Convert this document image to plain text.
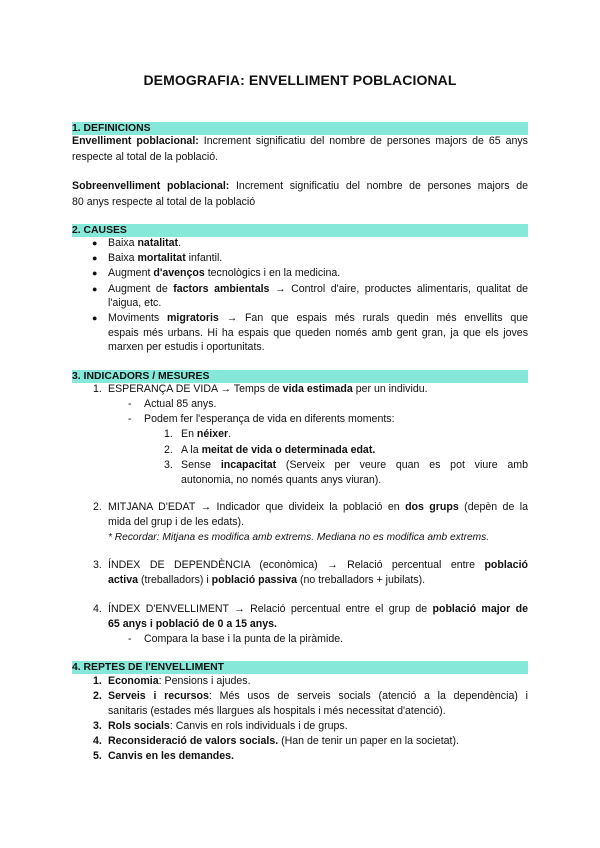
DEMOGRAFIA: ENVELLIMENT POBLACIONAL
1. DEFINICIONS
Envelliment poblacional: Increment significatiu del nombre de persones majors de 65 anys
respecte al total de la població.
Sobreenvelliment poblacional: Increment significatiu del nombre de persones majors de
80 anys respecte al total de la població
2. CAUSES
● Baixa natalitat.
● Baixa mortalitat infantil.
● Augment d'avenços tecnològics i en la medicina.
● Augment de factors ambientals → Control d'aire, productes alimentaris, qualitat de
l'aigua, etc.
● Moviments migratoris → Fan que espais més rurals quedin més envellits que
espais més urbans. Hi ha espais que queden només amb gent gran, ja que els joves
marxen per estudis i oportunitats.
3. INDICADORS / MESURES
1. ESPERANÇA DE VIDA → Temps de vida estimada per un individu.
- Actual 85 anys.
- Podem fer l'esperança de vida en diferents moments:
1. En néixer.
2. A la meitat de vida o determinada edat.
3. Sense incapacitat (Serveix per veure quan es pot viure amb
autonomia, no només quants anys viuran).
2. MITJANA D'EDAT → Indicador que divideix la població en dos grups (depèn de la
mida del grup i de les edats).
* Recordar: Mitjana es modifica amb extrems. Mediana no es modifica amb extrems.
3. ÍNDEX DE DEPENDÈNCIA (econòmica) → Relació percentual entre població
activa (treballadors) i població passiva (no treballadors + jubilats).
4. ÍNDEX D'ENVELLIMENT → Relació percentual entre el grup de població major de
65 anys i població de 0 a 15 anys.
- Compara la base i la punta de la piràmide.
4. REPTES DE l'ENVELLIMENT
1. Economia: Pensions i ajudes.
2. Serveis i recursos: Més usos de serveis socials (atenció a la dependència) i
sanitaris (estades més llargues als hospitals i més necessitat d'atenció).
3. Rols socials: Canvis en rols individuals i de grups.
4. Reconsideració de valors socials. (Han de tenir un paper en la societat).
5. Canvis en les demandes.
